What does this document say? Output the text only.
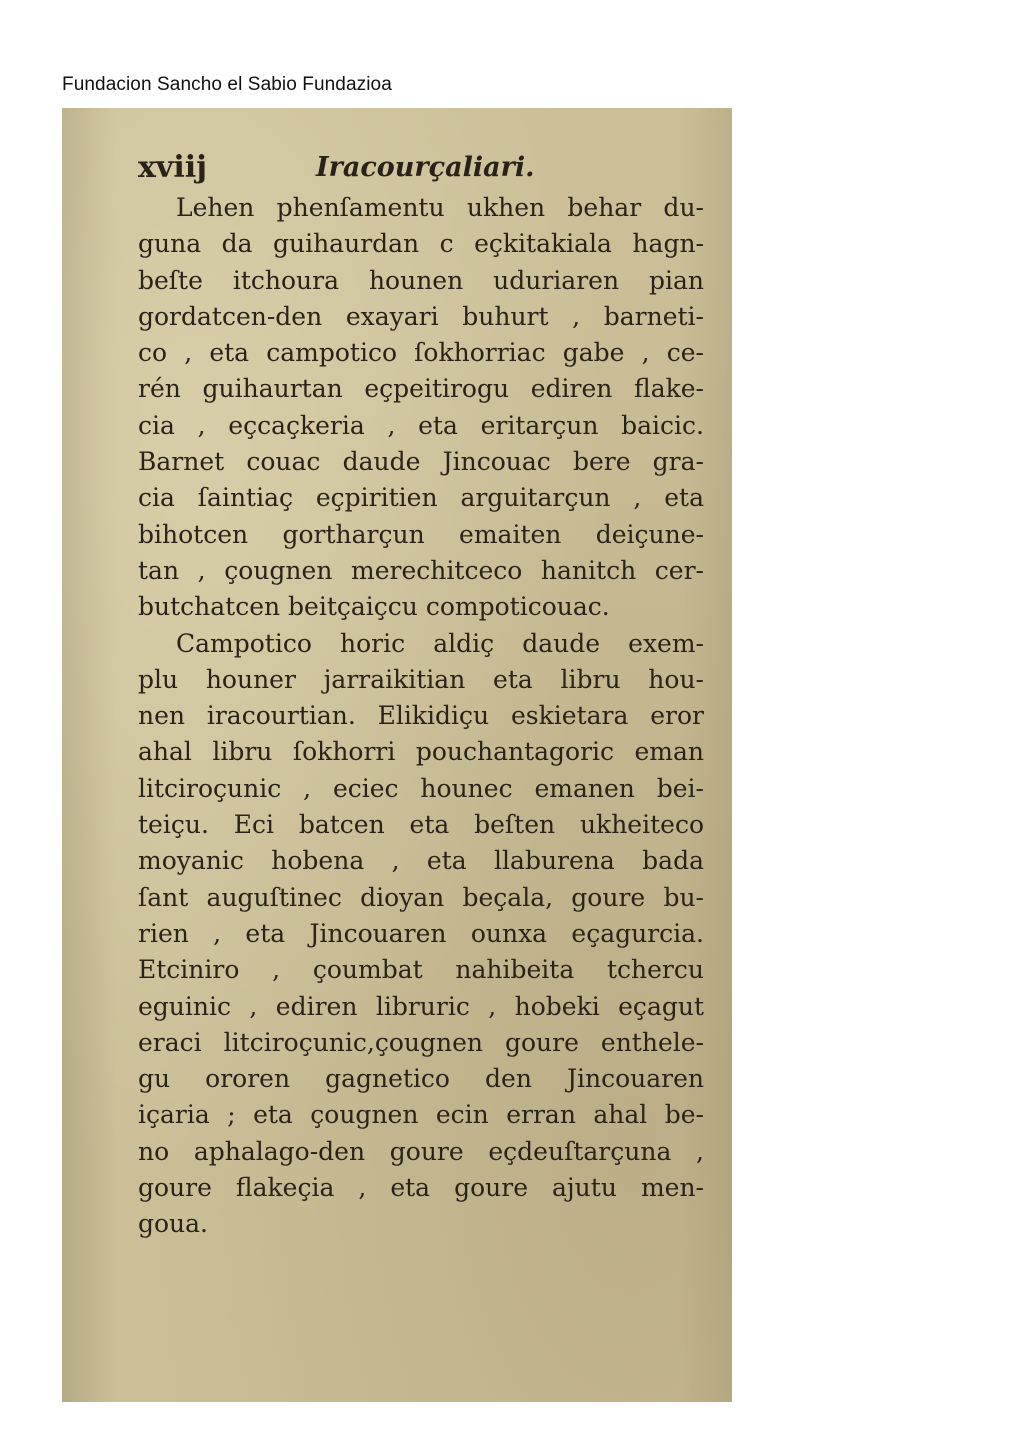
Fundacion Sancho el Sabio Fundazioa
xviij	Iracourçaliari.
Lehen phenſamentu ukhen behar du-
guna da guihaurdan c eçkitakiala hagn-
beſte itchoura hounen uduriaren pian
gordatcen-den exayari buhurt , barneti-
co , eta campotico ſokhorriac gabe , ce-
rén guihaurtan eçpeitirogu ediren flake-
cia , eçcaçkeria , eta eritarçun baicic.
Barnet couac daude Jincouac bere gra-
cia ſaintiaç eçpiritien arguitarçun , eta
bihotcen gortharçun emaiten deiçune-
tan , çougnen merechitceco hanitch cer-
butchatcen beitçaiçcu compoticouac.
Campotico horic aldiç daude exem-
plu houner jarraikitian eta libru hou-
nen iracourtian. Elikidiçu eskietara eror
ahal libru ſokhorri pouchantagoric eman
litciroçunic , eciec hounec emanen bei-
teiçu. Eci batcen eta beſten ukheiteco
moyanic hobena , eta llaburena bada
ſant auguſtinec dioyan beçala, goure bu-
rien , eta Jincouaren ounxa eçagurcia.
Etciniro , çoumbat nahibeita tchercu
eguinic , ediren libruric , hobeki eçagut
eraci litciroçunic,çougnen goure enthele-
gu ororen gagnetico den Jincouaren
içaria ; eta çougnen ecin erran ahal be-
no aphalago-den goure eçdeuſtarçuna ,
goure flakeçia , eta goure ajutu men-
goua.
